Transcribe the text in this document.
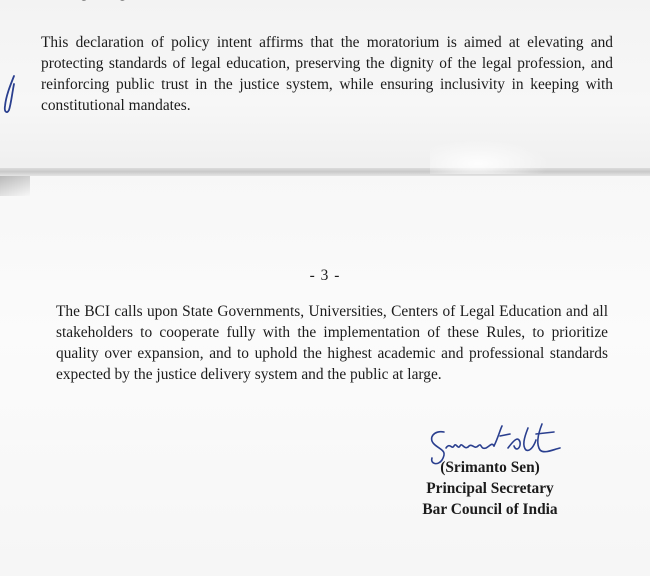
This declaration of policy intent affirms that the moratorium is aimed at elevating and protecting standards of legal education, preserving the dignity of the legal profession, and reinforcing public trust in the justice system, while ensuring inclusivity in keeping with constitutional mandates.
- 3 -
The BCI calls upon State Governments, Universities, Centers of Legal Education and all stakeholders to cooperate fully with the implementation of these Rules, to prioritize quality over expansion, and to uphold the highest academic and professional standards expected by the justice delivery system and the public at large.
(Srimanto Sen)
Principal Secretary
Bar Council of India
